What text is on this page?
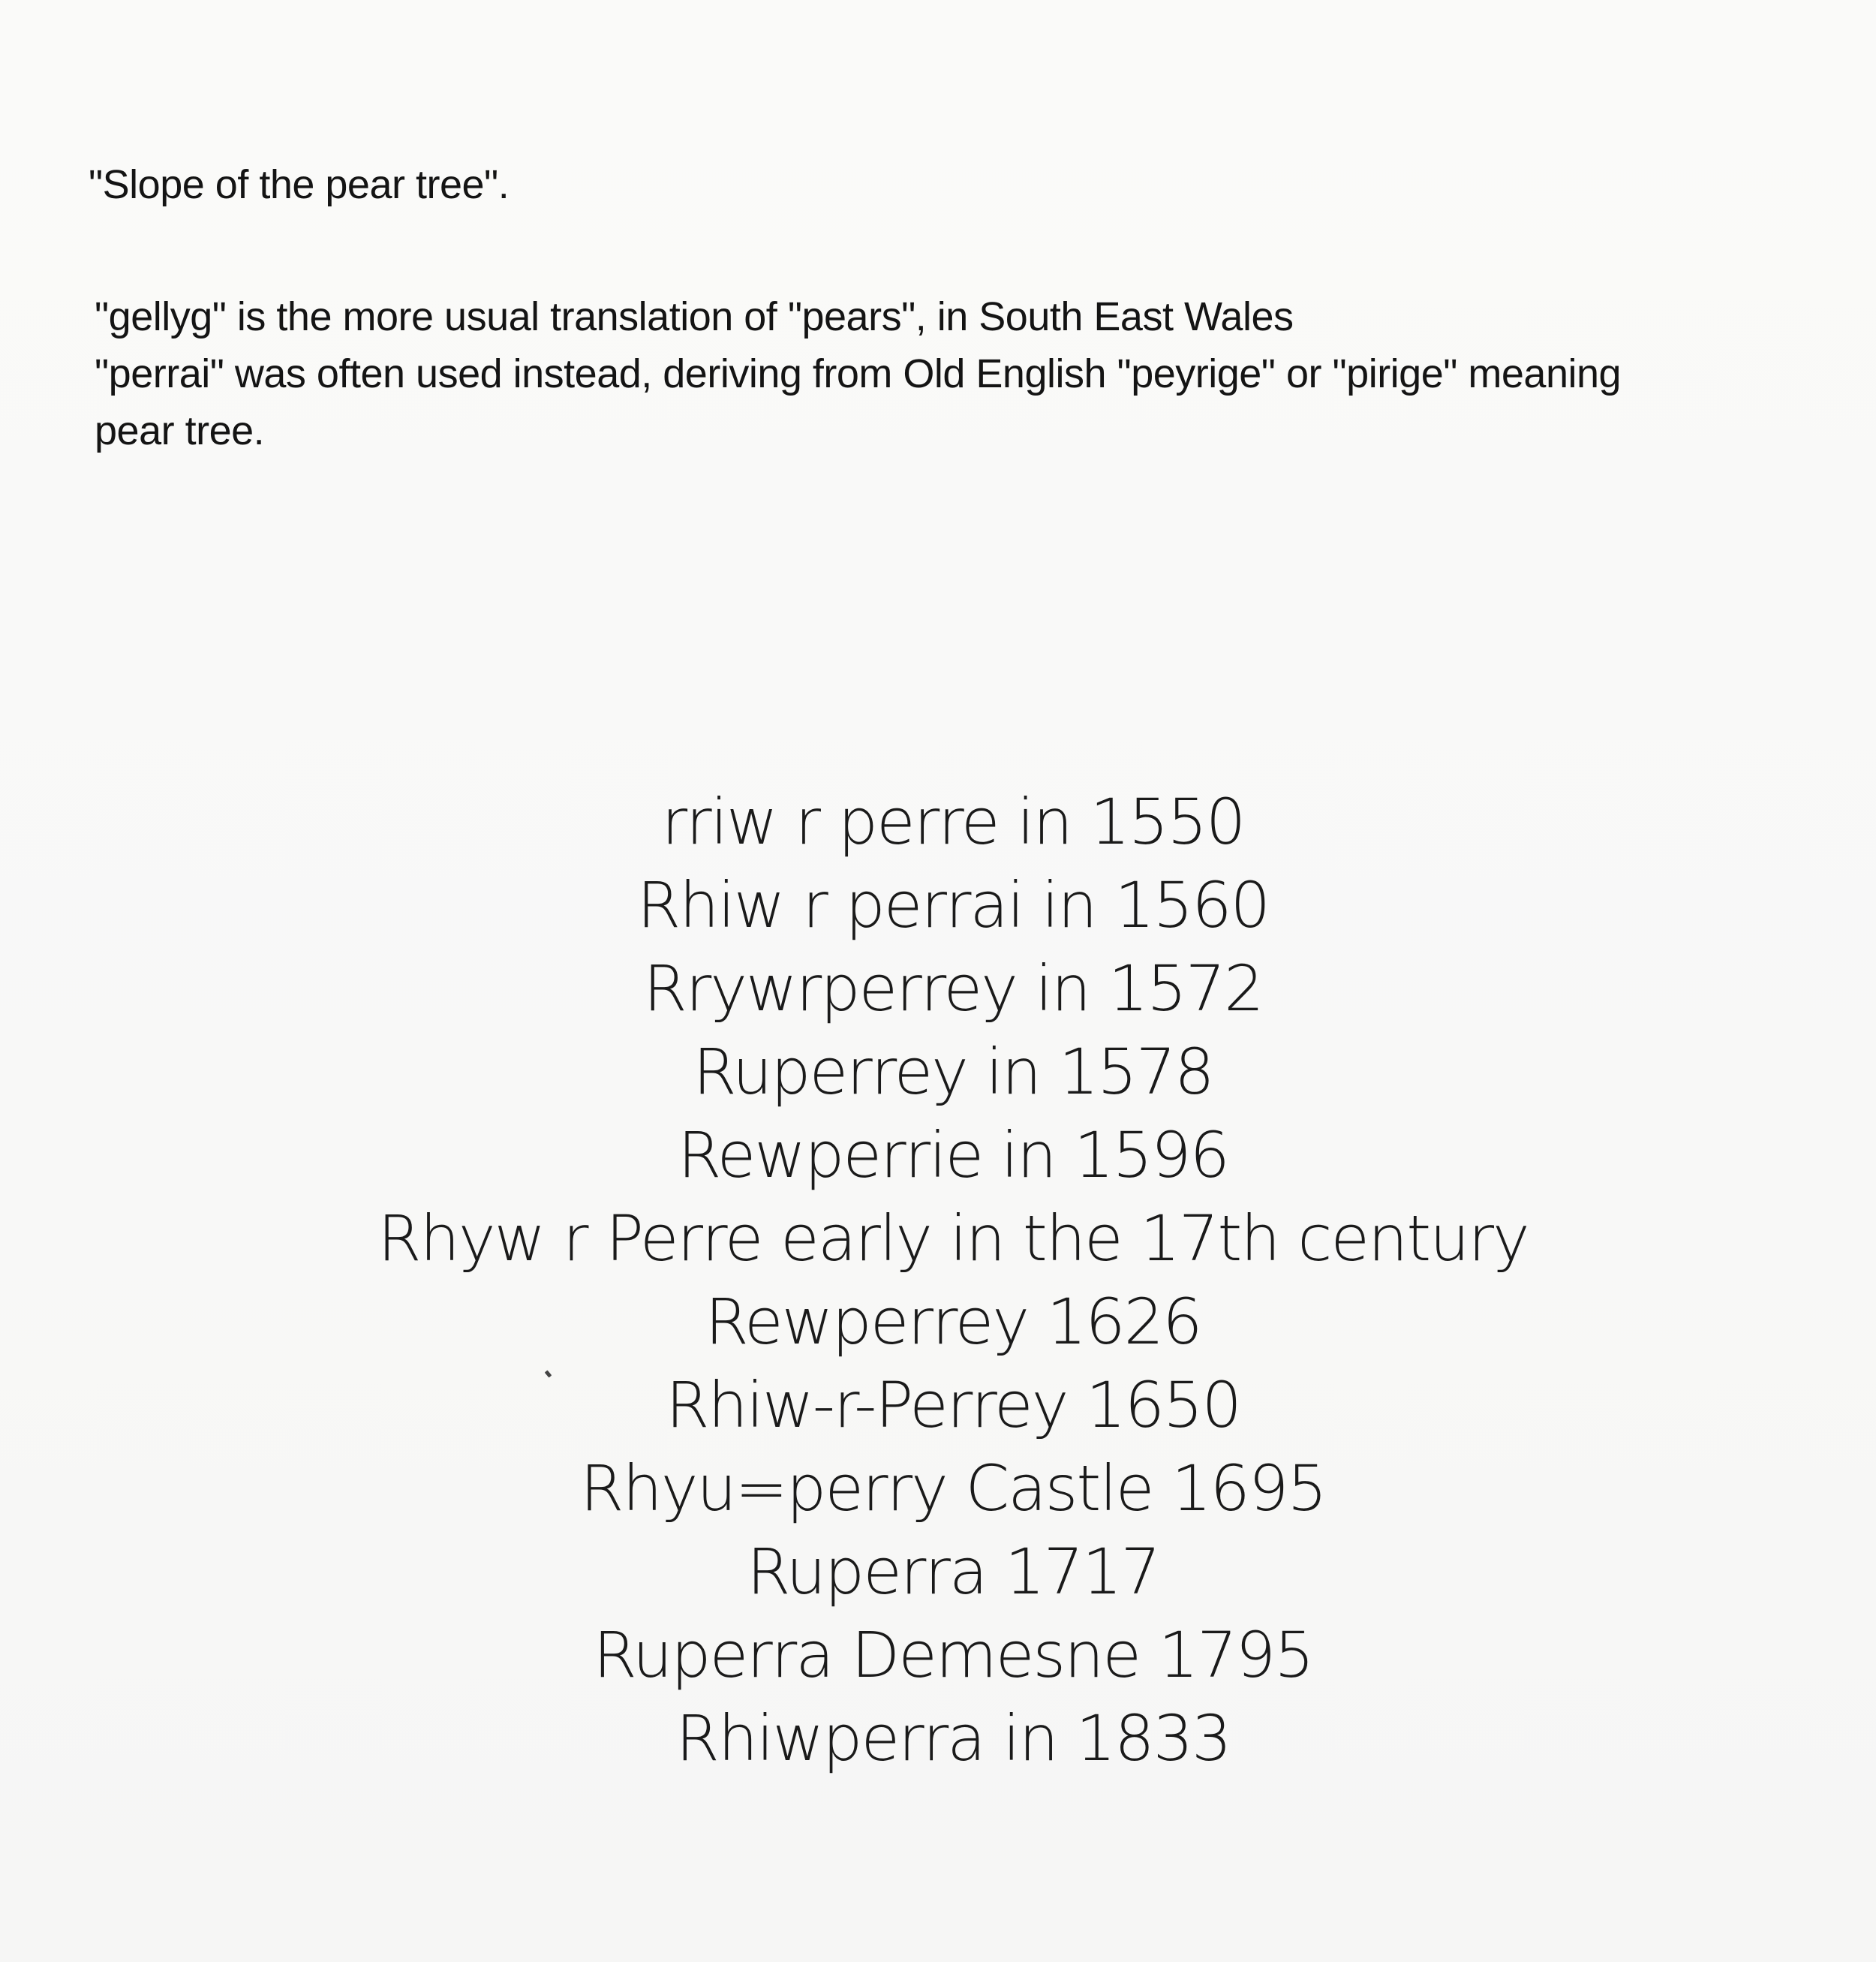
"Slope of the pear tree".

"gellyg" is the more usual translation of "pears", in South East Wales

"perrai" was often used instead, deriving from Old English "peyrige" or "pirige" meaning

pear tree.

rriw r perre in 1550
Rhiw r perrai in 1560
Rrywrperrey in 1572
Ruperrey in 1578
Rewperrie in 1596
Rhyw r Perre early in the 17th century
Rewperrey 1626
Rhiw-r-Perrey 1650
Rhyu=perry Castle 1695
Ruperra 1717
Ruperra Demesne 1795
Rhiwperra in 1833
